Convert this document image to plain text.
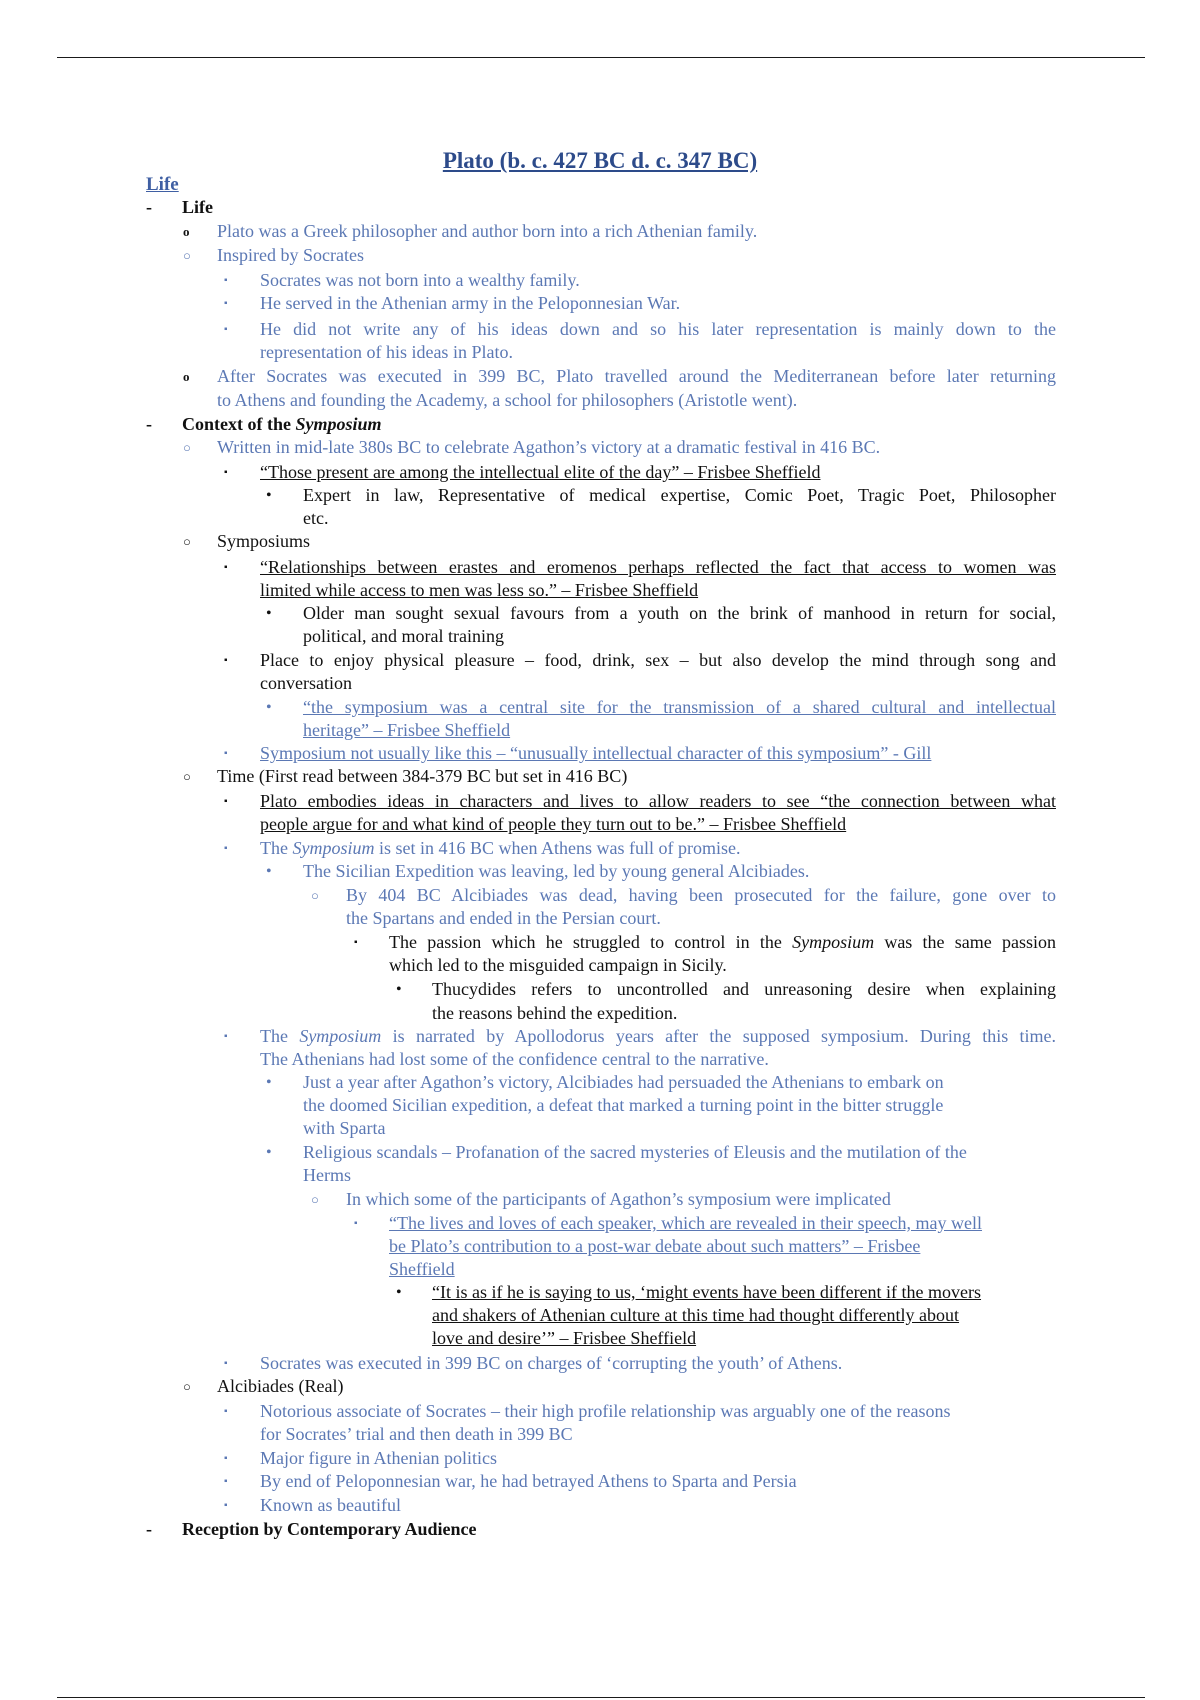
Plato (b. c. 427 BC d. c. 347 BC)
Life
- Life
o Plato was a Greek philosopher and author born into a rich Athenian family.
○ Inspired by Socrates
▪ Socrates was not born into a wealthy family.
▪ He served in the Athenian army in the Peloponnesian War.
▪ He did not write any of his ideas down and so his later representation is mainly down to the
representation of his ideas in Plato.
o After Socrates was executed in 399 BC, Plato travelled around the Mediterranean before later returning
to Athens and founding the Academy, a school for philosophers (Aristotle went).
- Context of the Symposium
○ Written in mid-late 380s BC to celebrate Agathon’s victory at a dramatic festival in 416 BC.
▪ “Those present are among the intellectual elite of the day” – Frisbee Sheffield
• Expert in law, Representative of medical expertise, Comic Poet, Tragic Poet, Philosopher
etc.
○ Symposiums
▪ “Relationships between erastes and eromenos perhaps reflected the fact that access to women was
limited while access to men was less so.” – Frisbee Sheffield
• Older man sought sexual favours from a youth on the brink of manhood in return for social,
political, and moral training
▪ Place to enjoy physical pleasure – food, drink, sex – but also develop the mind through song and
conversation
• “the symposium was a central site for the transmission of a shared cultural and intellectual
heritage” – Frisbee Sheffield
▪ Symposium not usually like this – “unusually intellectual character of this symposium” - Gill
○ Time (First read between 384-379 BC but set in 416 BC)
▪ Plato embodies ideas in characters and lives to allow readers to see “the connection between what
people argue for and what kind of people they turn out to be.” – Frisbee Sheffield
▪ The Symposium is set in 416 BC when Athens was full of promise.
• The Sicilian Expedition was leaving, led by young general Alcibiades.
○ By 404 BC Alcibiades was dead, having been prosecuted for the failure, gone over to
the Spartans and ended in the Persian court.
▪ The passion which he struggled to control in the Symposium was the same passion
which led to the misguided campaign in Sicily.
• Thucydides refers to uncontrolled and unreasoning desire when explaining
the reasons behind the expedition.
▪ The Symposium is narrated by Apollodorus years after the supposed symposium. During this time.
The Athenians had lost some of the confidence central to the narrative.
• Just a year after Agathon’s victory, Alcibiades had persuaded the Athenians to embark on
the doomed Sicilian expedition, a defeat that marked a turning point in the bitter struggle
with Sparta
• Religious scandals – Profanation of the sacred mysteries of Eleusis and the mutilation of the
Herms
○ In which some of the participants of Agathon’s symposium were implicated
▪ “The lives and loves of each speaker, which are revealed in their speech, may well
be Plato’s contribution to a post-war debate about such matters” – Frisbee
Sheffield
• “It is as if he is saying to us, ‘might events have been different if the movers
and shakers of Athenian culture at this time had thought differently about
love and desire’” – Frisbee Sheffield
▪ Socrates was executed in 399 BC on charges of ‘corrupting the youth’ of Athens.
○ Alcibiades (Real)
▪ Notorious associate of Socrates – their high profile relationship was arguably one of the reasons
for Socrates’ trial and then death in 399 BC
▪ Major figure in Athenian politics
▪ By end of Peloponnesian war, he had betrayed Athens to Sparta and Persia
▪ Known as beautiful
- Reception by Contemporary Audience
